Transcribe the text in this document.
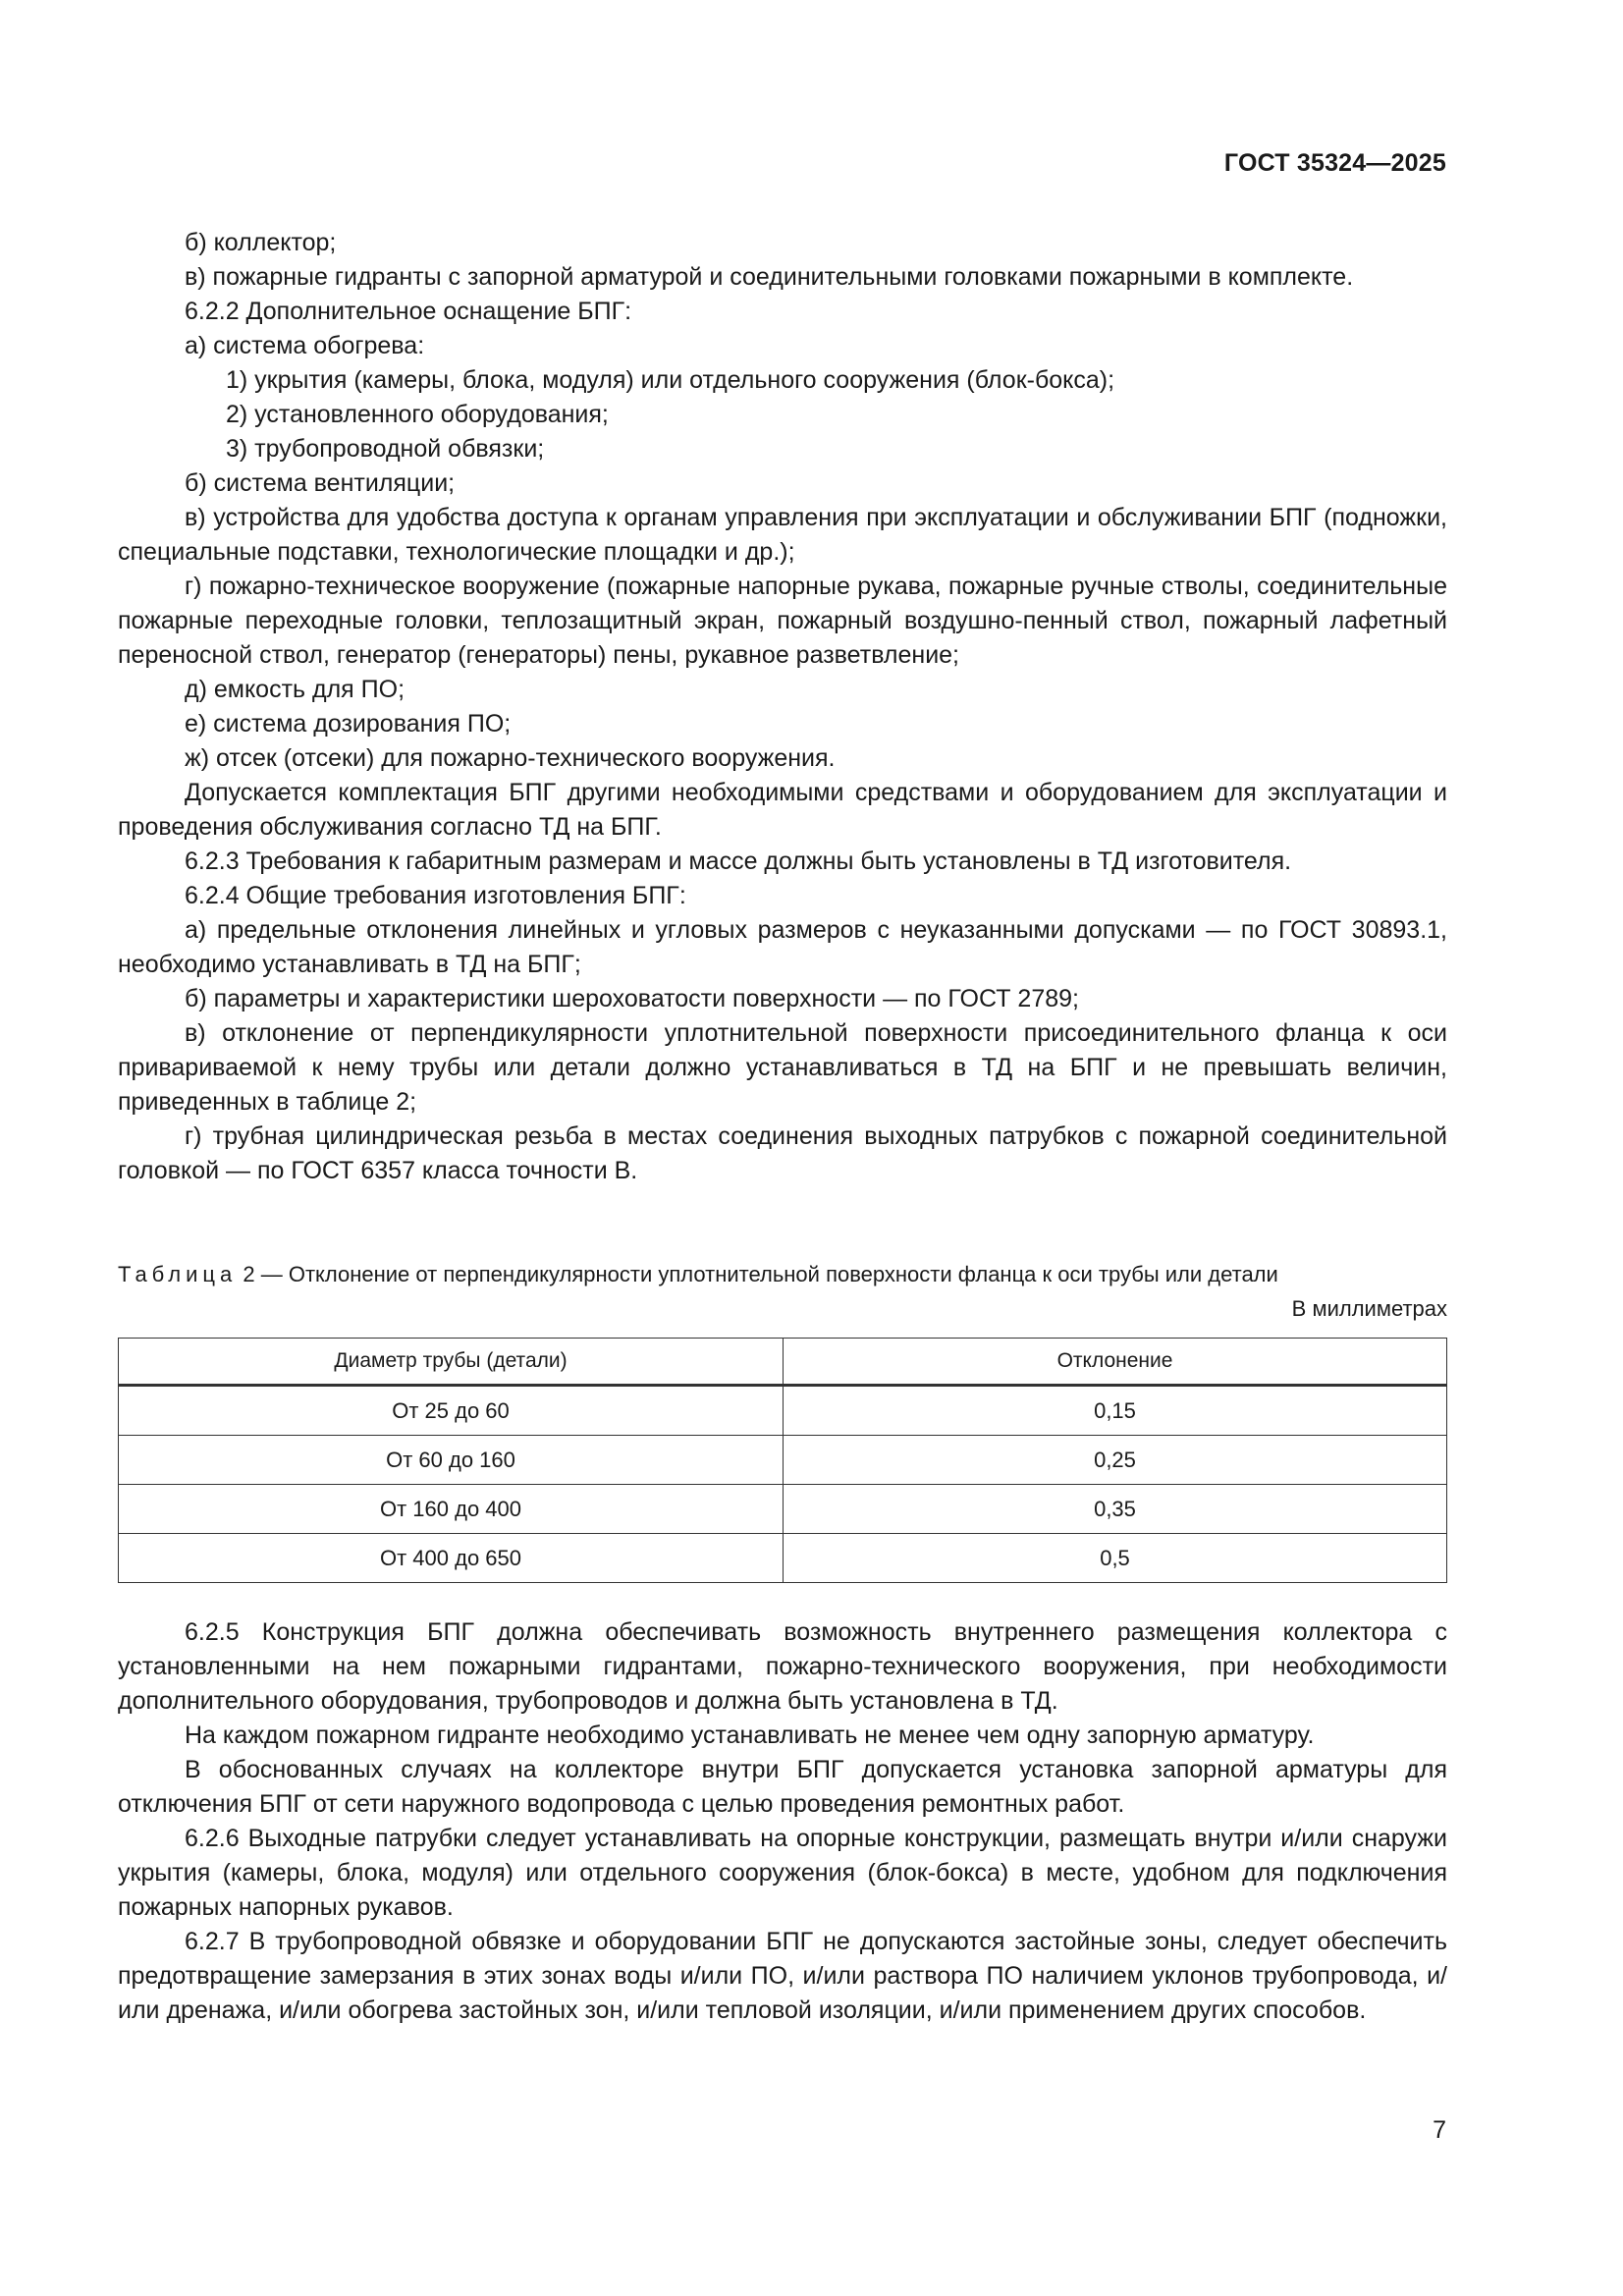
ГОСТ 35324—2025

б) коллектор;

в) пожарные гидранты с запорной арматурой и соединительными головками пожарными в комплекте.

6.2.2 Дополнительное оснащение БПГ:

а) система обогрева:

1) укрытия (камеры, блока, модуля) или отдельного сооружения (блок-бокса);

2) установленного оборудования;

3) трубопроводной обвязки;

б) система вентиляции;

в) устройства для удобства доступа к органам управления при эксплуатации и обслуживании БПГ (подножки, специальные подставки, технологические площадки и др.);

г) пожарно-техническое вооружение (пожарные напорные рукава, пожарные ручные стволы, соединительные пожарные переходные головки, теплозащитный экран, пожарный воздушно-пенный ствол, пожарный лафетный переносной ствол, генератор (генераторы) пены, рукавное разветвление;

д) емкость для ПО;

е) система дозирования ПО;

ж) отсек (отсеки) для пожарно-технического вооружения.

Допускается комплектация БПГ другими необходимыми средствами и оборудованием для эксплуатации и проведения обслуживания согласно ТД на БПГ.

6.2.3 Требования к габаритным размерам и массе должны быть установлены в ТД изготовителя.

6.2.4 Общие требования изготовления БПГ:

а) предельные отклонения линейных и угловых размеров с неуказанными допусками — по ГОСТ 30893.1, необходимо устанавливать в ТД на БПГ;

б) параметры и характеристики шероховатости поверхности — по ГОСТ 2789;

в) отклонение от перпендикулярности уплотнительной поверхности присоединительного фланца к оси привариваемой к нему трубы или детали должно устанавливаться в ТД на БПГ и не превышать величин, приведенных в таблице 2;

г) трубная цилиндрическая резьба в местах соединения выходных патрубков с пожарной соединительной головкой — по ГОСТ 6357 класса точности В.

Таблица 2 — Отклонение от перпендикулярности уплотнительной поверхности фланца к оси трубы или детали
В миллиметрах
Диаметр трубы (детали)	Отклонение
От 25 до 60	0,15
От 60 до 160	0,25
От 160 до 400	0,35
От 400 до 650	0,5

6.2.5 Конструкция БПГ должна обеспечивать возможность внутреннего размещения коллектора с установленными на нем пожарными гидрантами, пожарно-технического вооружения, при необходимости дополнительного оборудования, трубопроводов и должна быть установлена в ТД.

На каждом пожарном гидранте необходимо устанавливать не менее чем одну запорную арматуру.

В обоснованных случаях на коллекторе внутри БПГ допускается установка запорной арматуры для отключения БПГ от сети наружного водопровода с целью проведения ремонтных работ.

6.2.6 Выходные патрубки следует устанавливать на опорные конструкции, размещать внутри и/или снаружи укрытия (камеры, блока, модуля) или отдельного сооружения (блок-бокса) в месте, удобном для подключения пожарных напорных рукавов.

6.2.7 В трубопроводной обвязке и оборудовании БПГ не допускаются застойные зоны, следует обеспечить предотвращение замерзания в этих зонах воды и/или ПО, и/или раствора ПО наличием уклонов трубопровода, и/или дренажа, и/или обогрева застойных зон, и/или тепловой изоляции, и/или применением других способов.

7
